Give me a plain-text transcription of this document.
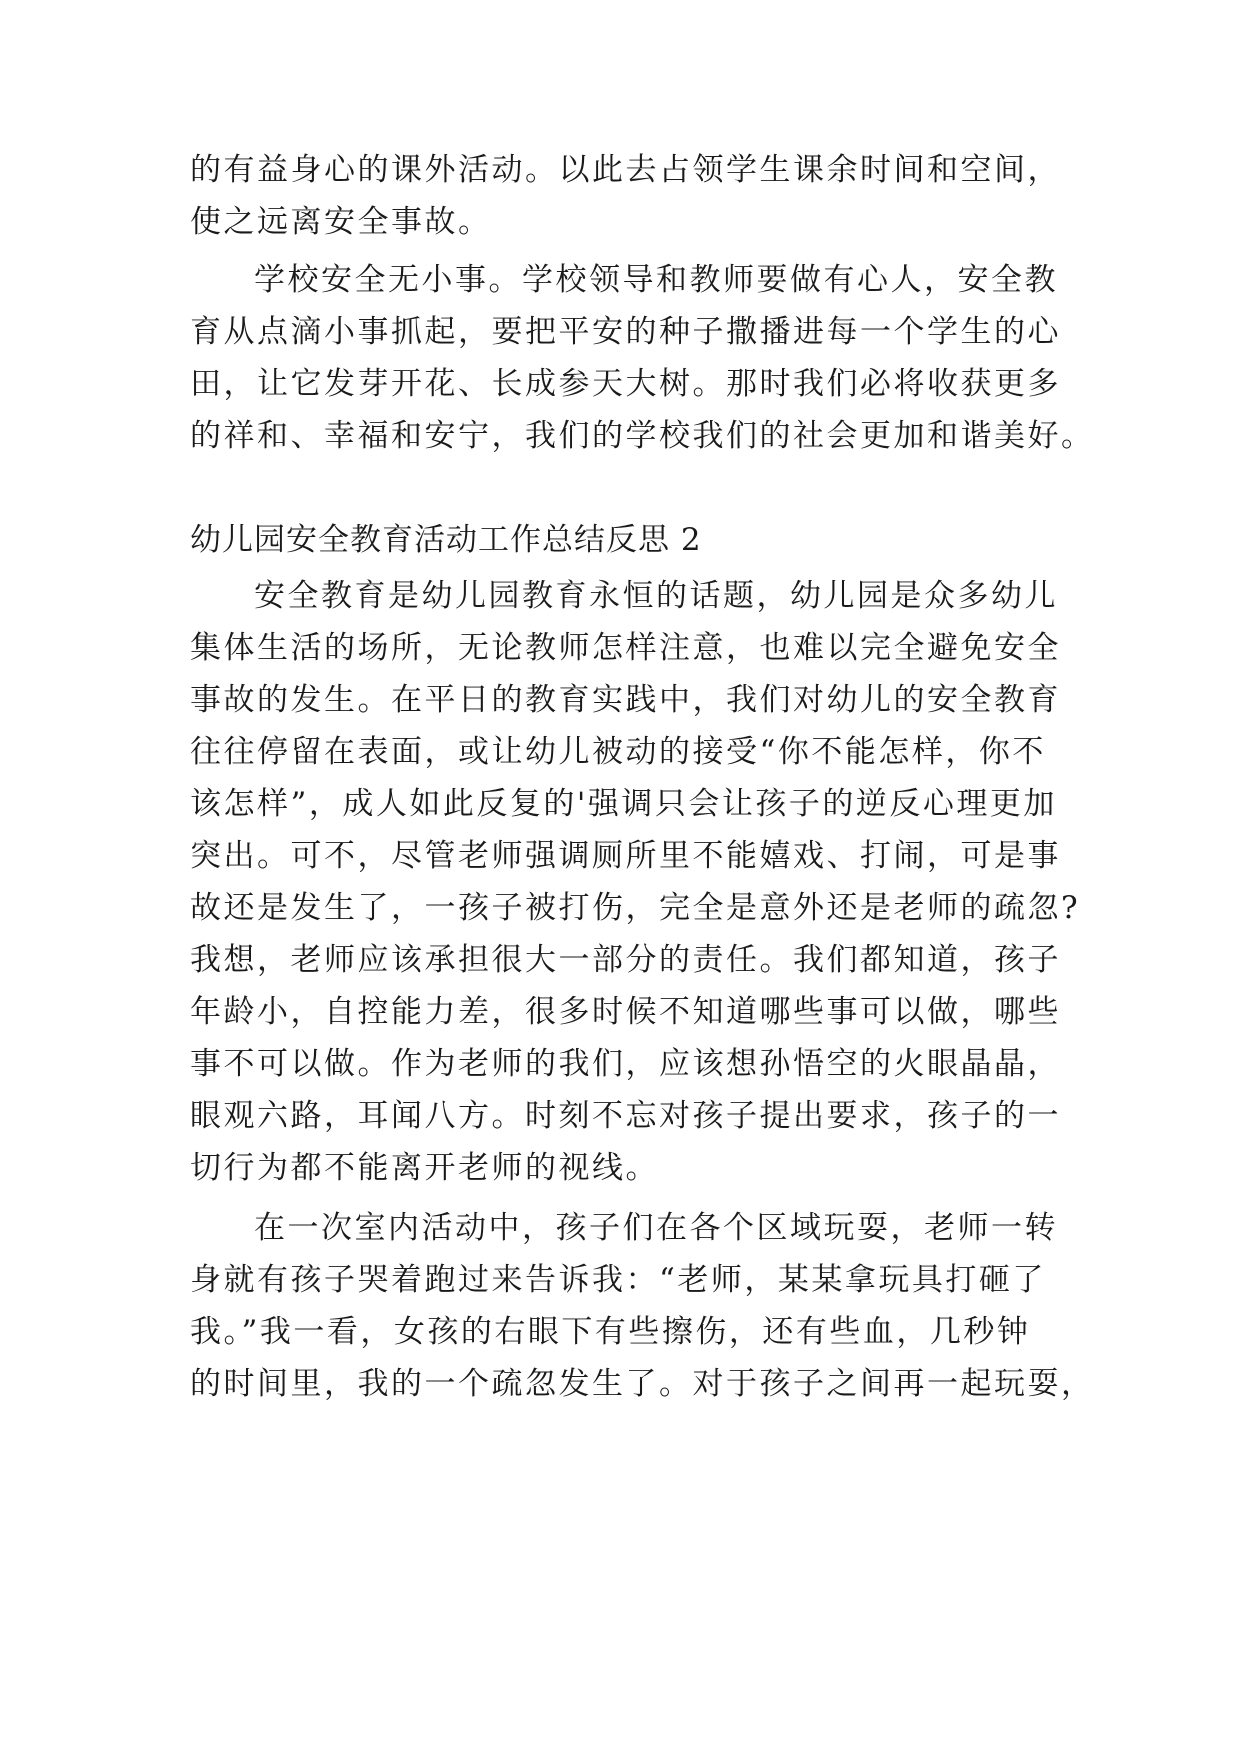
的有益身心的课外活动。以此去占领学生课余时间和空间，
使之远离安全事故。
学校安全无小事。学校领导和教师要做有心人，安全教
育从点滴小事抓起，要把平安的种子撒播进每一个学生的心
田，让它发芽开花、长成参天大树。那时我们必将收获更多
的祥和、幸福和安宁，我们的学校我们的社会更加和谐美好。
幼儿园安全教育活动工作总结反思 2
安全教育是幼儿园教育永恒的话题，幼儿园是众多幼儿
集体生活的场所，无论教师怎样注意，也难以完全避免安全
事故的发生。在平日的教育实践中，我们对幼儿的安全教育
往往停留在表面，或让幼儿被动的接受“你不能怎样，你不
该怎样”，成人如此反复的'强调只会让孩子的逆反心理更加
突出。可不，尽管老师强调厕所里不能嬉戏、打闹，可是事
故还是发生了，一孩子被打伤，完全是意外还是老师的疏忽?
我想，老师应该承担很大一部分的责任。我们都知道，孩子
年龄小，自控能力差，很多时候不知道哪些事可以做，哪些
事不可以做。作为老师的我们，应该想孙悟空的火眼晶晶，
眼观六路，耳闻八方。时刻不忘对孩子提出要求，孩子的一
切行为都不能离开老师的视线。
在一次室内活动中，孩子们在各个区域玩耍，老师一转
身就有孩子哭着跑过来告诉我：“老师，某某拿玩具打砸了
我。”我一看，女孩的右眼下有些擦伤，还有些血，几秒钟
的时间里，我的一个疏忽发生了。对于孩子之间再一起玩耍，
